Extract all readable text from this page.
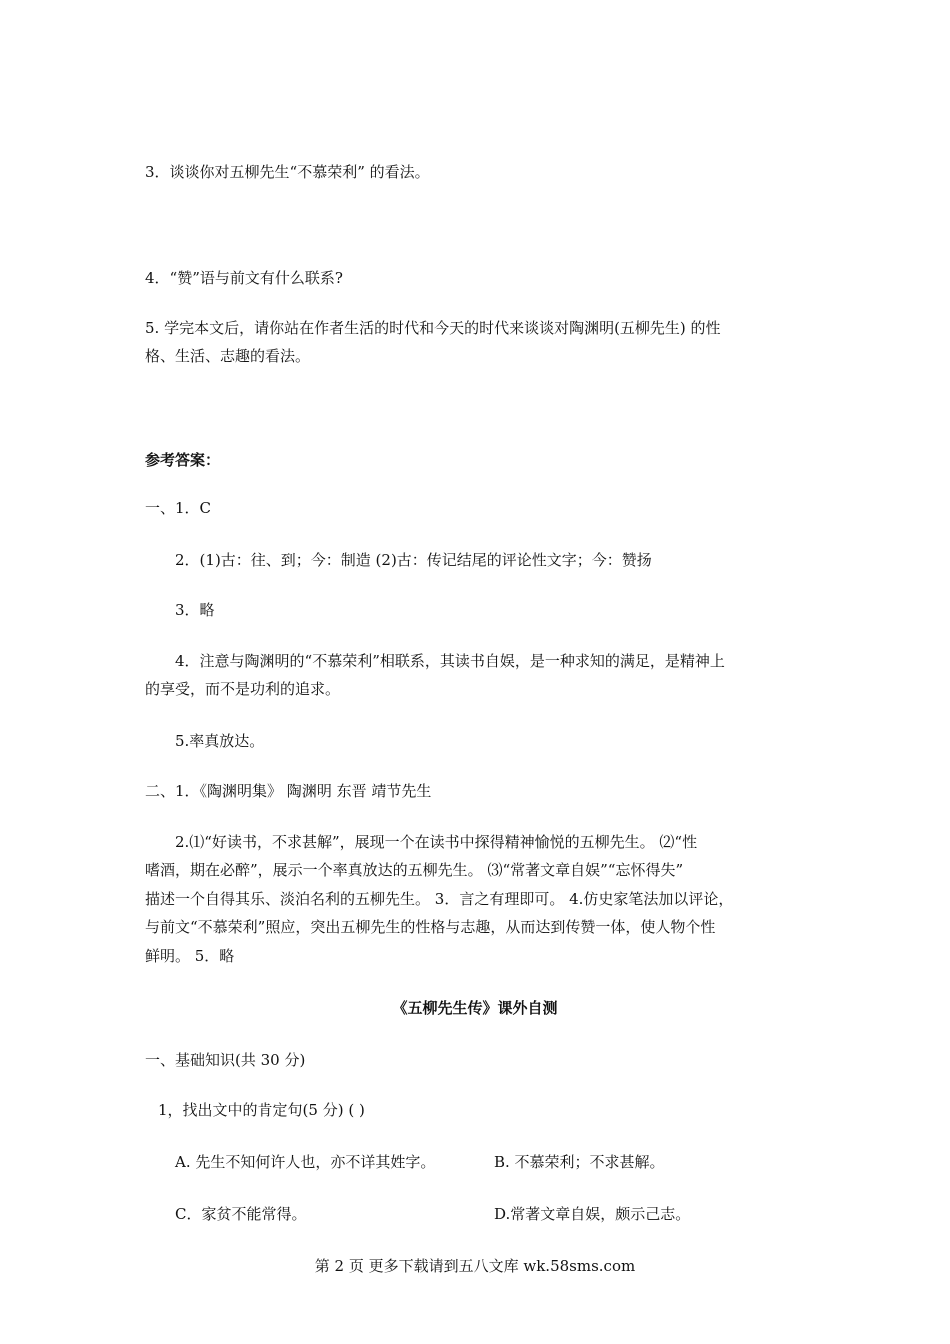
3．谈谈你对五柳先生“不慕荣利” 的看法。
4．“赞”语与前文有什么联系?
5. 学完本文后，请你站在作者生活的时代和今天的时代来谈谈对陶渊明(五柳先生) 的性
格、生活、志趣的看法。
参考答案：
一、1．C
2．(1)古：往、到；今：制造 (2)古：传记结尾的评论性文字；今：赞扬
3．略
4．注意与陶渊明的“不慕荣利”相联系，其读书自娱，是一种求知的满足，是精神上
的享受，而不是功利的追求。
5.率真放达。
二、1．《陶渊明集》 陶渊明 东晋 靖节先生
2.⑴“好读书，不求甚解”，展现一个在读书中探得精神愉悦的五柳先生。 ⑵“性
嗜酒，期在必醉”，展示一个率真放达的五柳先生。 ⑶“常著文章自娱”“忘怀得失”
描述一个自得其乐、淡泊名利的五柳先生。 3．言之有理即可。 4.仿史家笔法加以评论，
与前文“不慕荣利”照应，突出五柳先生的性格与志趣，从而达到传赞一体，使人物个性
鲜明。 5．略
《五柳先生传》课外自测
一、基础知识(共 30 分)
1，找出文中的肯定句(5 分) ( )
A. 先生不知何许人也，亦不详其姓字。	B. 不慕荣利；不求甚解。
C．家贫不能常得。	D.常著文章自娱，颇示己志。
第 2 页 更多下载请到五八文库 wk.58sms.com
